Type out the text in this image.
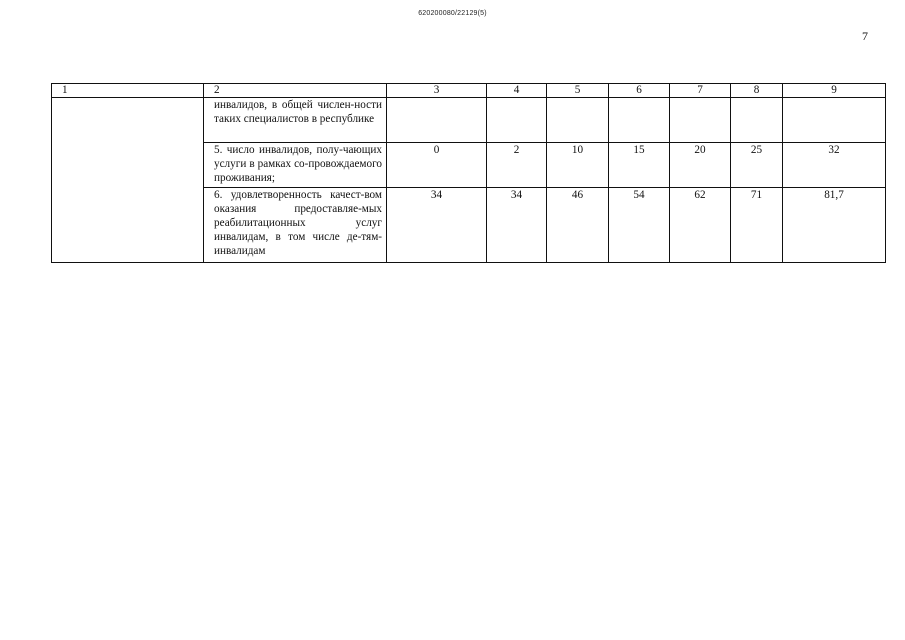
620200080/22129(5)
7
1	2	3	4	5	6	7	8	9
	инвалидов, в общей числен-ности таких специалистов в республике							
	5. число инвалидов, полу-чающих услуги в рамках со-провождаемого проживания;	0	2	10	15	20	25	32
	6. удовлетворенность качест-вом оказания предоставляе-мых реабилитационных услуг инвалидам, в том числе де-тям-инвалидам	34	34	46	54	62	71	81,7
